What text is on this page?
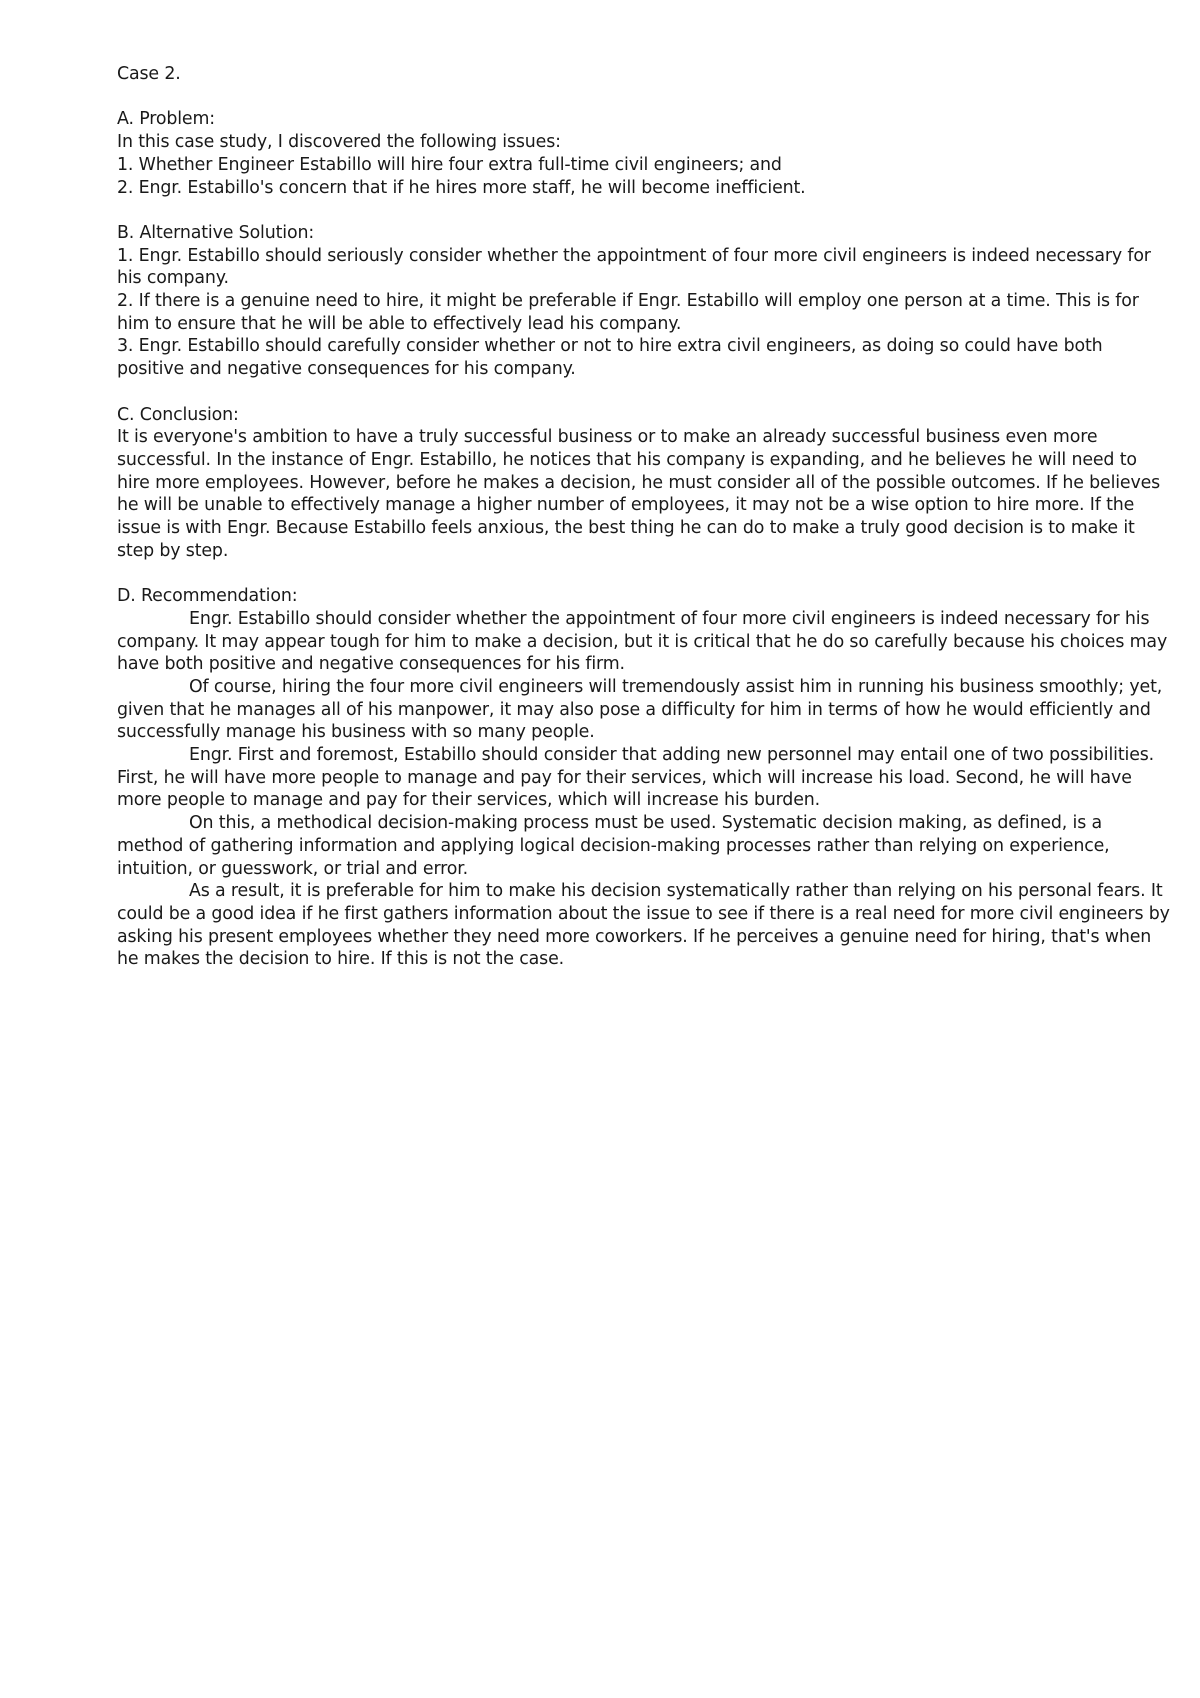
Case 2.

A. Problem:

In this case study, I discovered the following issues:

1. Whether Engineer Estabillo will hire four extra full-time civil engineers; and

2. Engr. Estabillo's concern that if he hires more staff, he will become inefficient.

B. Alternative Solution:

1. Engr. Estabillo should seriously consider whether the appointment of four more civil engineers is indeed necessary for his company.

2. If there is a genuine need to hire, it might be preferable if Engr. Estabillo will employ one person at a time. This is for him to ensure that he will be able to effectively lead his company.

3. Engr. Estabillo should carefully consider whether or not to hire extra civil engineers, as doing so could have both positive and negative consequences for his company.

C. Conclusion:

It is everyone's ambition to have a truly successful business or to make an already successful business even more successful. In the instance of Engr. Estabillo, he notices that his company is expanding, and he believes he will need to hire more employees. However, before he makes a decision, he must consider all of the possible outcomes. If he believes he will be unable to effectively manage a higher number of employees, it may not be a wise option to hire more. If the issue is with Engr. Because Estabillo feels anxious, the best thing he can do to make a truly good decision is to make it step by step.

D. Recommendation:

Engr. Estabillo should consider whether the appointment of four more civil engineers is indeed necessary for his company. It may appear tough for him to make a decision, but it is critical that he do so carefully because his choices may have both positive and negative consequences for his firm.

Of course, hiring the four more civil engineers will tremendously assist him in running his business smoothly; yet, given that he manages all of his manpower, it may also pose a difficulty for him in terms of how he would efficiently and successfully manage his business with so many people.

Engr. First and foremost, Estabillo should consider that adding new personnel may entail one of two possibilities. First, he will have more people to manage and pay for their services, which will increase his load. Second, he will have more people to manage and pay for their services, which will increase his burden.

On this, a methodical decision-making process must be used. Systematic decision making, as defined, is a method of gathering information and applying logical decision-making processes rather than relying on experience, intuition, or guesswork, or trial and error.

As a result, it is preferable for him to make his decision systematically rather than relying on his personal fears. It could be a good idea if he first gathers information about the issue to see if there is a real need for more civil engineers by asking his present employees whether they need more coworkers. If he perceives a genuine need for hiring, that's when he makes the decision to hire. If this is not the case.
